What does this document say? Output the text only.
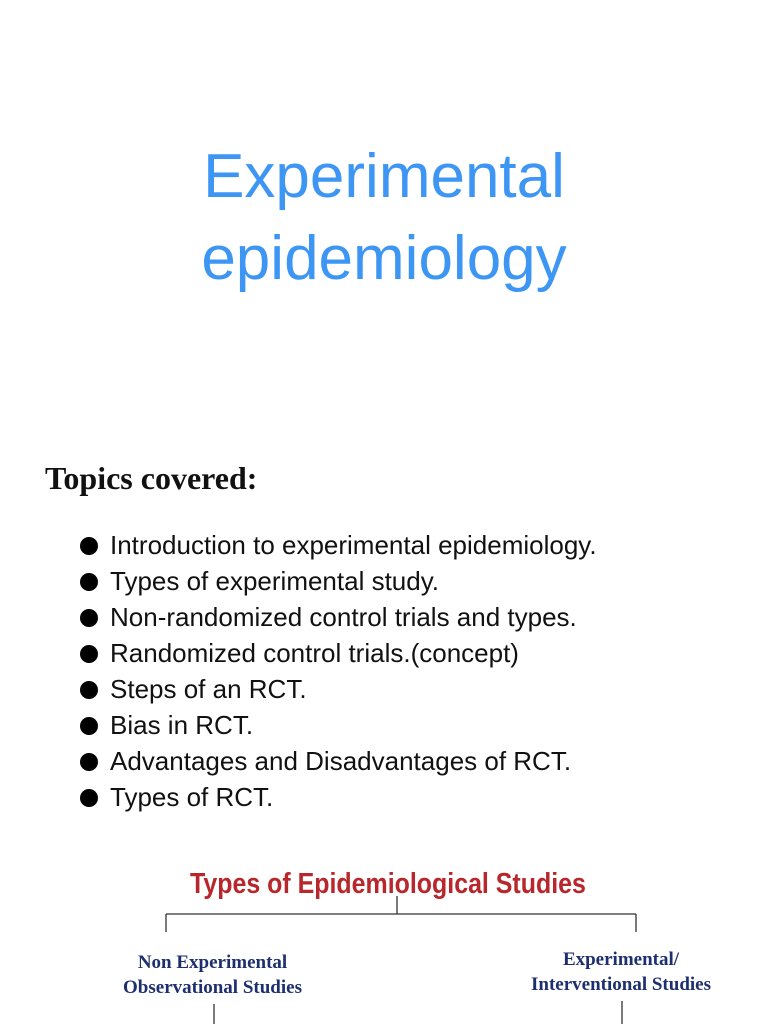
Experimental
epidemiology
Topics covered:
Introduction to experimental epidemiology.
Types of experimental study.
Non-randomized control trials and types.
Randomized control trials.(concept)
Steps of an RCT.
Bias in RCT.
Advantages and Disadvantages of RCT.
Types of RCT.
Types of Epidemiological Studies
Non Experimental
Observational Studies
Experimental/
Interventional Studies
